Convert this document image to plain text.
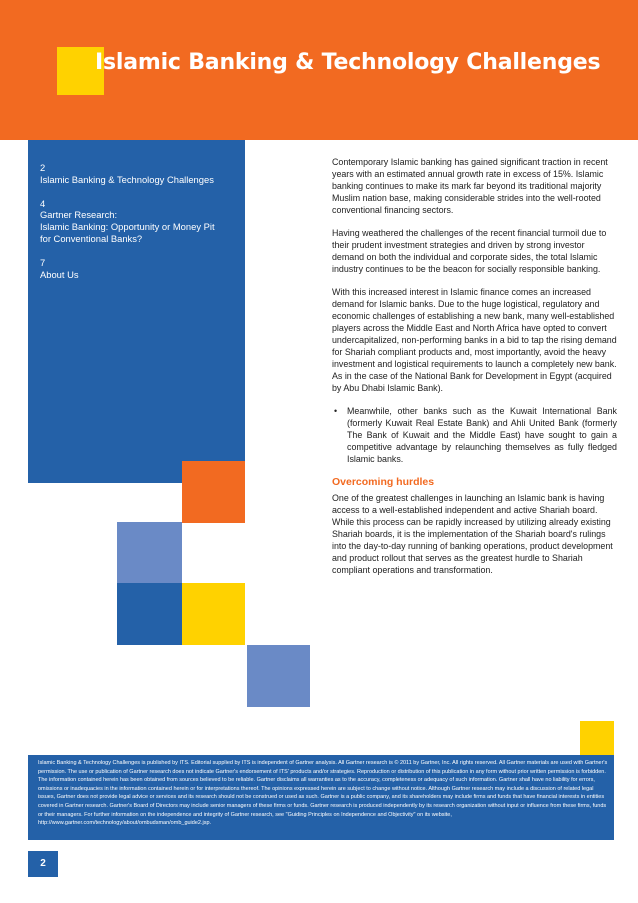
Islamic Banking & Technology Challenges
2
Islamic Banking & Technology Challenges
4
Gartner Research:
Islamic Banking: Opportunity or Money Pit
for Conventional Banks?
7
About Us

Contemporary Islamic banking has gained significant traction in recent years with an estimated annual growth rate in excess of 15%. Islamic banking continues to make its mark far beyond its traditional majority Muslim nation base, making considerable strides into the well-rooted conventional financing sectors.

Having weathered the challenges of the recent financial turmoil due to their prudent investment strategies and driven by strong investor demand on both the individual and corporate sides, the total Islamic industry continues to be the beacon for socially responsible banking.

With this increased interest in Islamic finance comes an increased demand for Islamic banks. Due to the huge logistical, regulatory and economic challenges of establishing a new bank, many well-established players across the Middle East and North Africa have opted to convert undercapitalized, non-performing banks in a bid to tap the rising demand for Shariah compliant products and, most importantly, avoid the heavy investment and logistical requirements to launch a completely new bank. As in the case of the National Bank for Development in Egypt (acquired by Abu Dhabi Islamic Bank).

•	Meanwhile, other banks such as the Kuwait International Bank (formerly Kuwait Real Estate Bank) and Ahli United Bank (formerly The Bank of Kuwait and the Middle East) have sought to gain a competitive advantage by relaunching themselves as fully fledged Islamic banks.
Overcoming hurdles

One of the greatest challenges in launching an Islamic bank is having access to a well-established independent and active Shariah board. While this process can be rapidly increased by utilizing already existing Shariah boards, it is the implementation of the Shariah board's rulings into the day-to-day running of banking operations, product development and product rollout that serves as the greatest hurdle to Shariah compliant operations and transformation.

Islamic Banking & Technology Challenges is published by ITS. Editorial supplied by ITS is independent of Gartner analysis. All Gartner research is © 2011 by Gartner, Inc. All rights reserved. All Gartner materials are used with Gartner's permission. The use or publication of Gartner research does not indicate Gartner's endorsement of ITS' products and/or strategies. Reproduction or distribution of this publication in any form without prior written permission is forbidden. The information contained herein has been obtained from sources believed to be reliable. Gartner disclaims all warranties as to the accuracy, completeness or adequacy of such information. Gartner shall have no liability for errors, omissions or inadequacies in the information contained herein or for interpretations thereof. The opinions expressed herein are subject to change without notice. Although Gartner research may include a discussion of related legal issues, Gartner does not provide legal advice or services and its research should not be construed or used as such. Gartner is a public company, and its shareholders may include firms and funds that have financial interests in entities covered in Gartner research. Gartner's Board of Directors may include senior managers of these firms or funds. Gartner research is produced independently by its research organization without input or influence from these firms, funds or their managers. For further information on the independence and integrity of Gartner research, see "Guiding Principles on Independence and Objectivity" on its website, http://www.gartner.com/technology/about/ombudsman/omb_guide2.jsp.
2
